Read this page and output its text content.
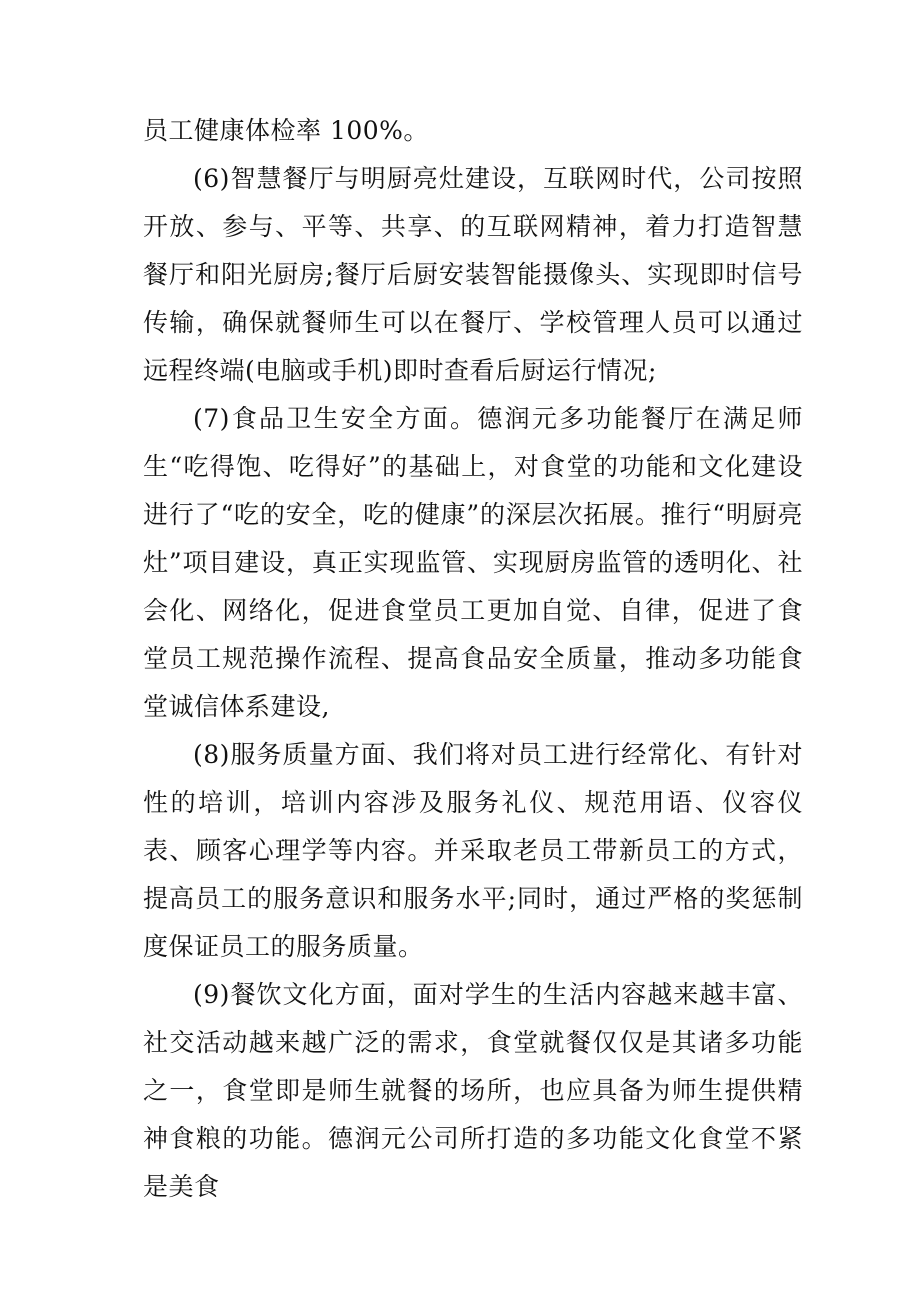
员工健康体检率 100%。

(6)智慧餐厅与明厨亮灶建设，互联网时代，公司按照开放、参与、平等、共享、的互联网精神，着力打造智慧餐厅和阳光厨房;餐厅后厨安装智能摄像头、实现即时信号传输，确保就餐师生可以在餐厅、学校管理人员可以通过远程终端(电脑或手机)即时查看后厨运行情况;

(7)食品卫生安全方面。德润元多功能餐厅在满足师生“吃得饱、吃得好”的基础上，对食堂的功能和文化建设进行了“吃的安全，吃的健康”的深层次拓展。推行“明厨亮灶”项目建设，真正实现监管、实现厨房监管的透明化、社会化、网络化，促进食堂员工更加自觉、自律，促进了食堂员工规范操作流程、提高食品安全质量，推动多功能食堂诚信体系建设,

(8)服务质量方面、我们将对员工进行经常化、有针对性的培训，培训内容涉及服务礼仪、规范用语、仪容仪表、顾客心理学等内容。并采取老员工带新员工的方式，提高员工的服务意识和服务水平;同时，通过严格的奖惩制度保证员工的服务质量。

(9)餐饮文化方面，面对学生的生活内容越来越丰富、社交活动越来越广泛的需求，食堂就餐仅仅是其诸多功能之一，食堂即是师生就餐的场所，也应具备为师生提供精神食粮的功能。德润元公司所打造的多功能文化食堂不紧是美食
